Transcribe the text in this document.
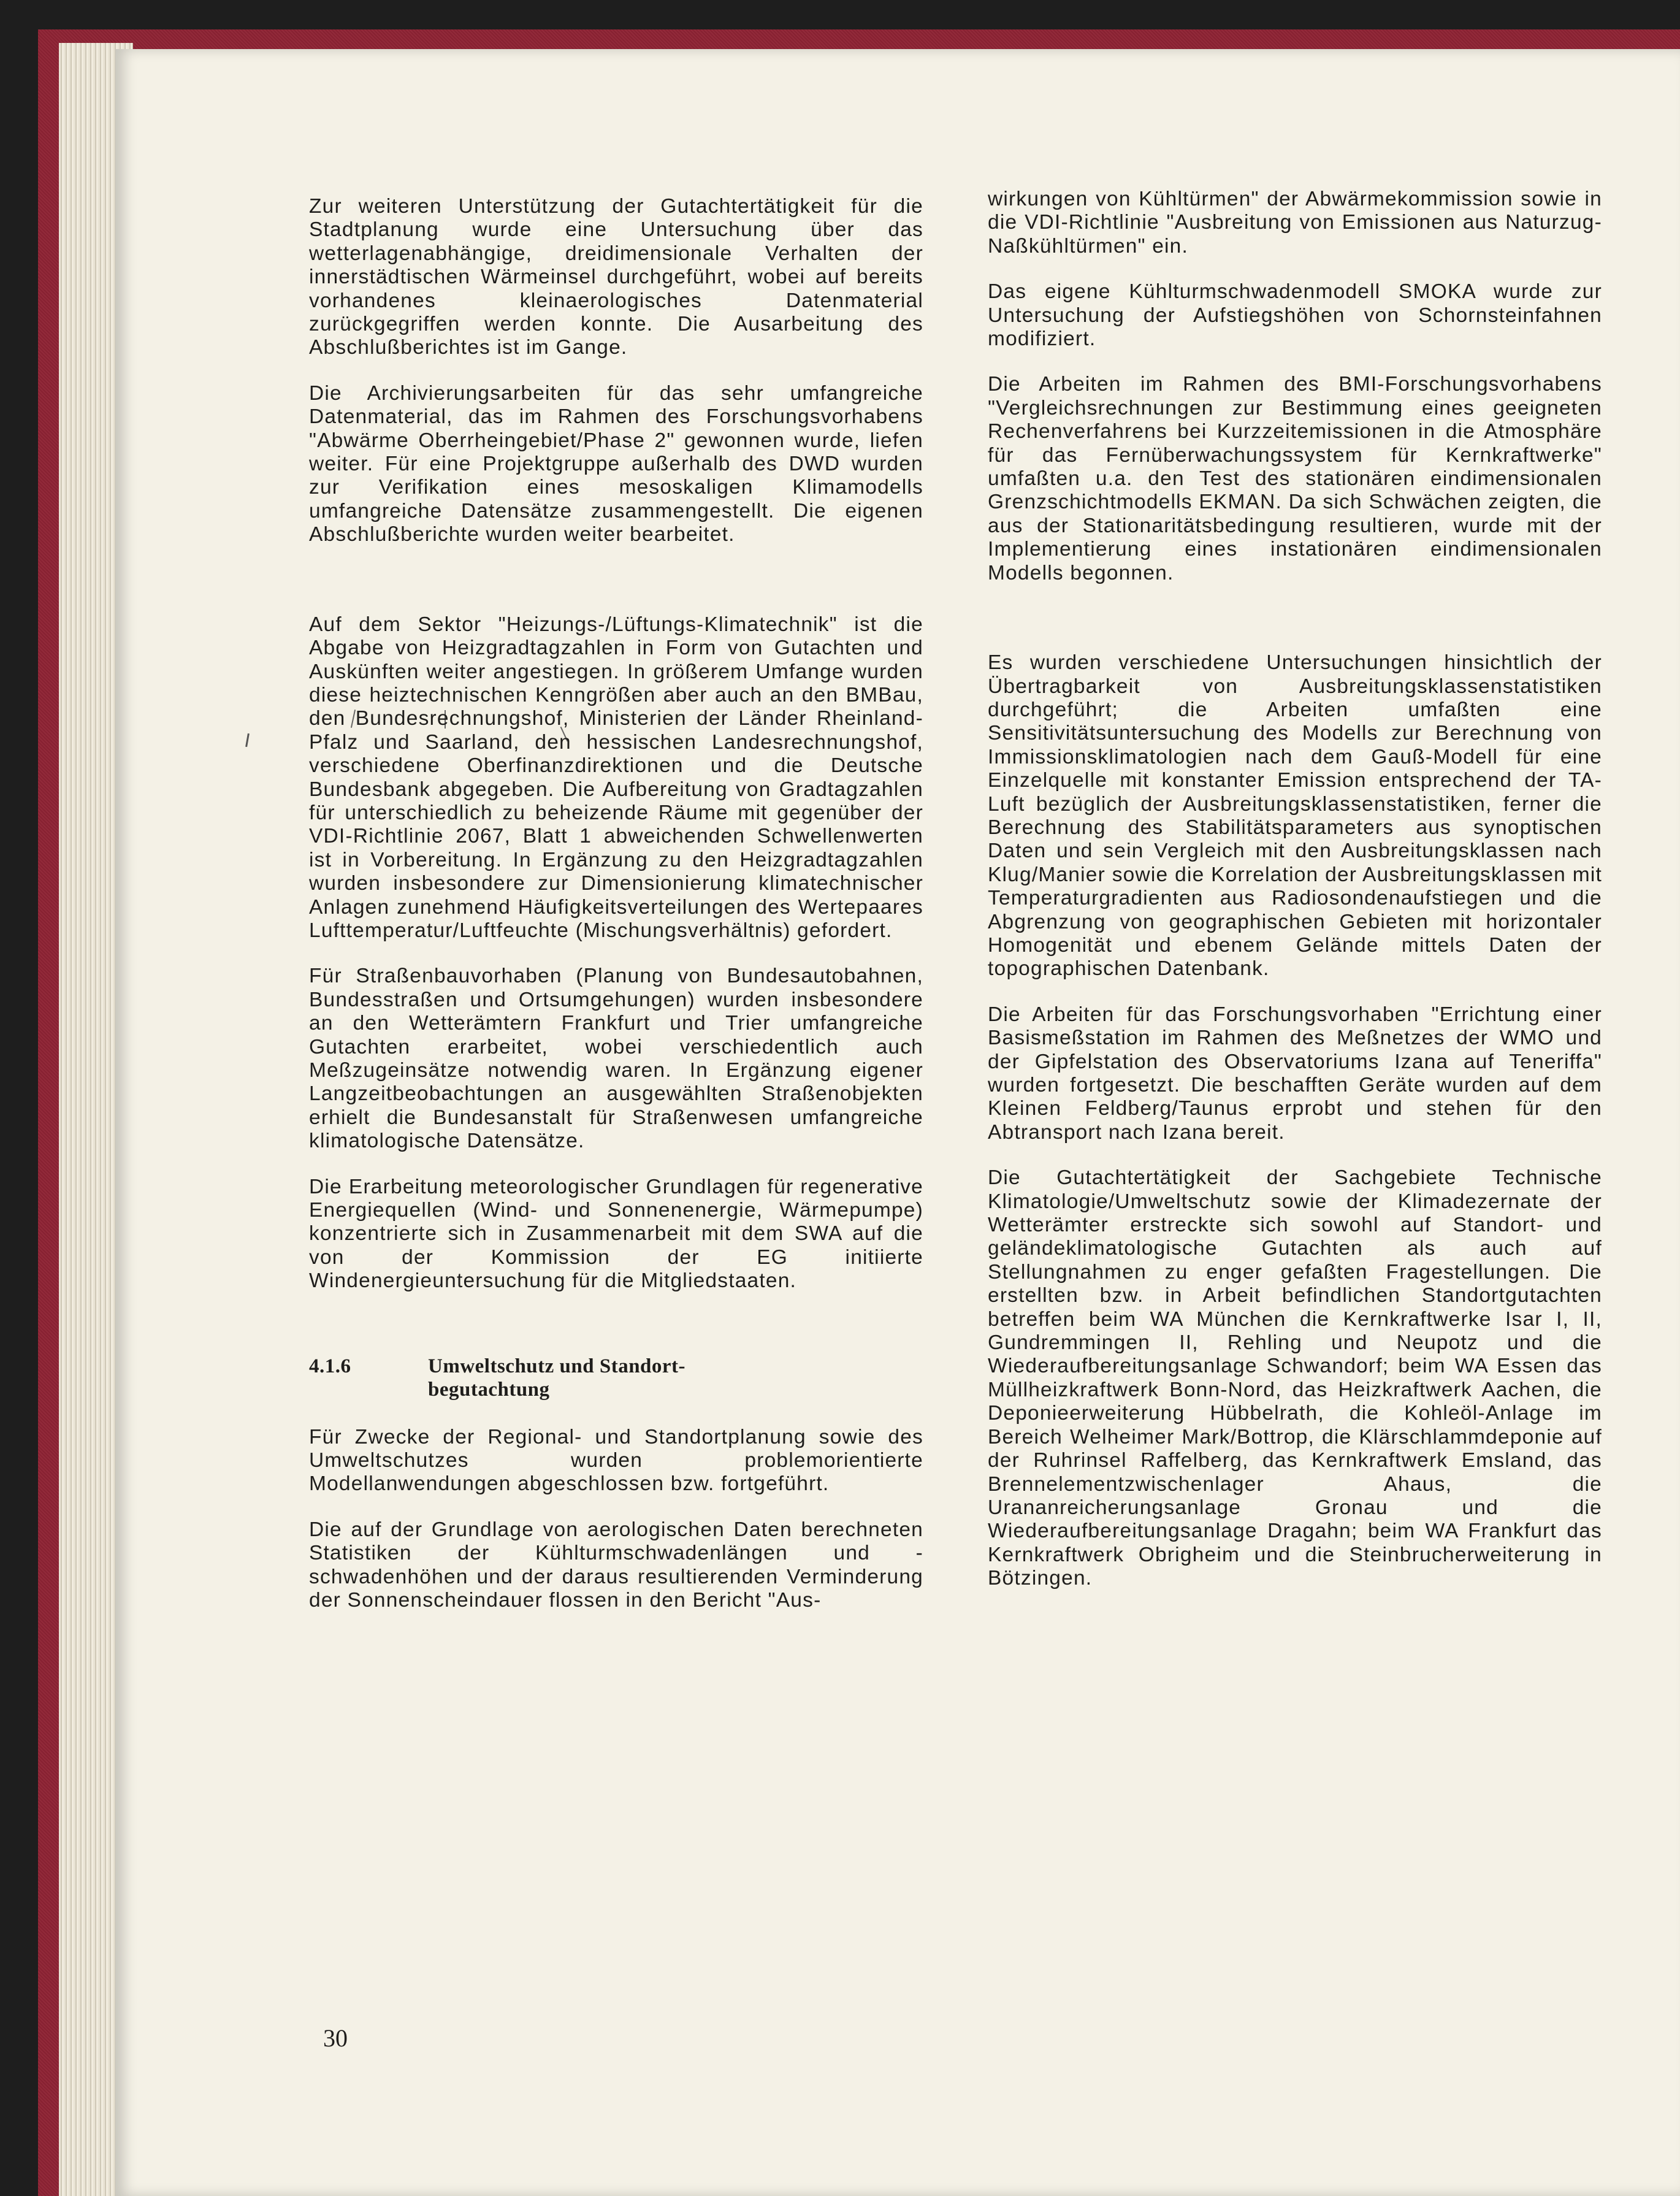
Zur weiteren Unterstützung der Gutachtertätigkeit für die Stadtplanung wurde eine Untersuchung über das wetterlagenabhängige, dreidimensionale Verhalten der innerstädtischen Wärmeinsel durchgeführt, wobei auf bereits vorhandenes kleinaerologisches Datenmaterial zurückgegriffen werden konnte. Die Ausarbeitung des Abschlußberichtes ist im Gange.

Die Archivierungsarbeiten für das sehr umfangreiche Datenmaterial, das im Rahmen des Forschungsvorhabens "Abwärme Oberrheingebiet/Phase 2" gewonnen wurde, liefen weiter. Für eine Projektgruppe außerhalb des DWD wurden zur Verifikation eines mesoskaligen Klimamodells umfangreiche Datensätze zusammengestellt. Die eigenen Abschlußberichte wurden weiter bearbeitet.

Auf dem Sektor "Heizungs-/Lüftungs-Klimatechnik" ist die Abgabe von Heizgradtagzahlen in Form von Gutachten und Auskünften weiter angestiegen. In größerem Umfange wurden diese heiztechnischen Kenngrößen aber auch an den BMBau, den Bundesrechnungshof, Ministerien der Länder Rheinland-Pfalz und Saarland, den hessischen Landesrechnungshof, verschiedene Oberfinanzdirektionen und die Deutsche Bundesbank abgegeben. Die Aufbereitung von Gradtagzahlen für unterschiedlich zu beheizende Räume mit gegenüber der VDI-Richtlinie 2067, Blatt 1 abweichenden Schwellenwerten ist in Vorbereitung. In Ergänzung zu den Heizgradtagzahlen wurden insbesondere zur Dimensionierung klimatechnischer Anlagen zunehmend Häufigkeitsverteilungen des Wertepaares Lufttemperatur/Luftfeuchte (Mischungsverhältnis) gefordert.

Für Straßenbauvorhaben (Planung von Bundesautobahnen, Bundesstraßen und Ortsumgehungen) wurden insbesondere an den Wetterämtern Frankfurt und Trier umfangreiche Gutachten erarbeitet, wobei verschiedentlich auch Meßzugeinsätze notwendig waren. In Ergänzung eigener Langzeitbeobachtungen an ausgewählten Straßenobjekten erhielt die Bundesanstalt für Straßenwesen umfangreiche klimatologische Datensätze.

Die Erarbeitung meteorologischer Grundlagen für regenerative Energiequellen (Wind- und Sonnenenergie, Wärmepumpe) konzentrierte sich in Zusammenarbeit mit dem SWA auf die von der Kommission der EG initiierte Windenergieuntersuchung für die Mitgliedstaaten.

4.1.6	Umweltschutz und Standort-
begutachtung

Für Zwecke der Regional- und Standortplanung sowie des Umweltschutzes wurden problemorientierte Modellanwendungen abgeschlossen bzw. fortgeführt.

Die auf der Grundlage von aerologischen Daten berechneten Statistiken der Kühlturmschwadenlängen und -schwadenhöhen und der daraus resultierenden Verminderung der Sonnenscheindauer flossen in den Bericht "Aus-

wirkungen von Kühltürmen" der Abwärmekommission sowie in die VDI-Richtlinie "Ausbreitung von Emissionen aus Naturzug-Naßkühltürmen" ein.

Das eigene Kühlturmschwadenmodell SMOKA wurde zur Untersuchung der Aufstiegshöhen von Schornsteinfahnen modifiziert.

Die Arbeiten im Rahmen des BMI-Forschungsvorhabens "Vergleichsrechnungen zur Bestimmung eines geeigneten Rechenverfahrens bei Kurzzeitemissionen in die Atmosphäre für das Fernüberwachungssystem für Kernkraftwerke" umfaßten u.a. den Test des stationären eindimensionalen Grenzschichtmodells EKMAN. Da sich Schwächen zeigten, die aus der Stationaritätsbedingung resultieren, wurde mit der Implementierung eines instationären eindimensionalen Modells begonnen.

Es wurden verschiedene Untersuchungen hinsichtlich der Übertragbarkeit von Ausbreitungsklassenstatistiken durchgeführt; die Arbeiten umfaßten eine Sensitivitätsuntersuchung des Modells zur Berechnung von Immissionsklimatologien nach dem Gauß-Modell für eine Einzelquelle mit konstanter Emission entsprechend der TA-Luft bezüglich der Ausbreitungsklassenstatistiken, ferner die Berechnung des Stabilitätsparameters aus synoptischen Daten und sein Vergleich mit den Ausbreitungsklassen nach Klug/Manier sowie die Korrelation der Ausbreitungsklassen mit Temperaturgradienten aus Radiosondenaufstiegen und die Abgrenzung von geographischen Gebieten mit horizontaler Homogenität und ebenem Gelände mittels Daten der topographischen Datenbank.

Die Arbeiten für das Forschungsvorhaben "Errichtung einer Basismeßstation im Rahmen des Meßnetzes der WMO und der Gipfelstation des Observatoriums Izana auf Teneriffa" wurden fortgesetzt. Die beschafften Geräte wurden auf dem Kleinen Feldberg/Taunus erprobt und stehen für den Abtransport nach Izana bereit.

Die Gutachtertätigkeit der Sachgebiete Technische Klimatologie/Umweltschutz sowie der Klimadezernate der Wetterämter erstreckte sich sowohl auf Standort- und geländeklimatologische Gutachten als auch auf Stellungnahmen zu enger gefaßten Fragestellungen. Die erstellten bzw. in Arbeit befindlichen Standortgutachten betreffen beim WA München die Kernkraftwerke Isar I, II, Gundremmingen II, Rehling und Neupotz und die Wiederaufbereitungsanlage Schwandorf; beim WA Essen das Müllheizkraftwerk Bonn-Nord, das Heizkraftwerk Aachen, die Deponieerweiterung Hübbelrath, die Kohleöl-Anlage im Bereich Welheimer Mark/Bottrop, die Klärschlammdeponie auf der Ruhrinsel Raffelberg, das Kernkraftwerk Emsland, das Brennelementzwischenlager Ahaus, die Urananreicherungsanlage Gronau und die Wiederaufbereitungsanlage Dragahn; beim WA Frankfurt das Kernkraftwerk Obrigheim und die Steinbrucherweiterung in Bötzingen.

30
